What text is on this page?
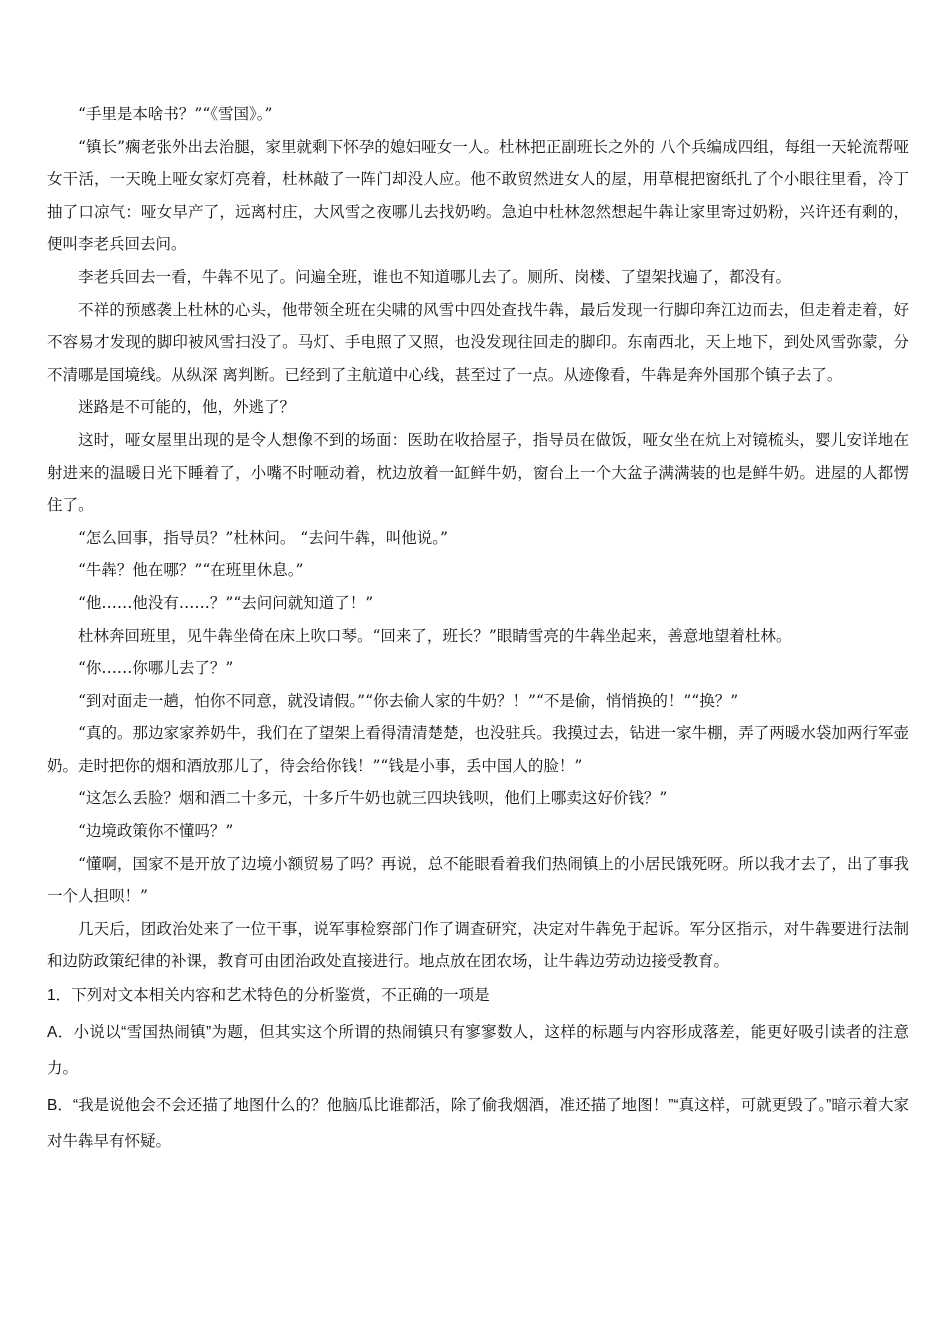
“手里是本啥书？”“《雪国》。”

“镇长”瘸老张外出去治腿，家里就剩下怀孕的媳妇哑女一人。杜林把正副班长之外的 八个兵编成四组，每组一天轮流帮哑女干活，一天晚上哑女家灯亮着，杜林敲了一阵门却没人应。他不敢贸然进女人的屋，用草棍把窗纸扎了个小眼往里看，冷丁抽了口凉气：哑女早产了，远离村庄，大风雪之夜哪儿去找奶哟。急迫中杜林忽然想起牛犇让家里寄过奶粉，兴许还有剩的，便叫李老兵回去问。

李老兵回去一看，牛犇不见了。问遍全班，谁也不知道哪儿去了。厕所、岗楼、了望架找遍了，都没有。

不祥的预感袭上杜林的心头，他带领全班在尖啸的风雪中四处查找牛犇，最后发现一行脚印奔江边而去，但走着走着，好不容易才发现的脚印被风雪扫没了。马灯、手电照了又照，也没发现往回走的脚印。东南西北，天上地下，到处风雪弥蒙，分不清哪是国境线。从纵深 离判断。已经到了主航道中心线，甚至过了一点。从迹像看，牛犇是奔外国那个镇子去了。

迷路是不可能的，他，外逃了？

这时，哑女屋里出现的是令人想像不到的场面：医助在收拾屋子，指导员在做饭，哑女坐在炕上对镜梳头，婴儿安详地在射进来的温暖日光下睡着了，小嘴不时咂动着，枕边放着一缸鲜牛奶，窗台上一个大盆子满满装的也是鲜牛奶。进屋的人都愣住了。

“怎么回事，指导员？”杜林问。 “去问牛犇，叫他说。”

“牛犇？他在哪？”“在班里休息。”

“他……他没有……？”“去问问就知道了！”

杜林奔回班里，见牛犇坐倚在床上吹口琴。“回来了，班长？”眼睛雪亮的牛犇坐起来，善意地望着杜林。

“你……你哪儿去了？”

“到对面走一趟，怕你不同意，就没请假。”“你去偷人家的牛奶？！”“不是偷，悄悄换的！”“换？”

“真的。那边家家养奶牛，我们在了望架上看得清清楚楚，也没驻兵。我摸过去，钻进一家牛棚，弄了两暖水袋加两行军壶奶。走时把你的烟和酒放那儿了，待会给你钱！”“钱是小事，丢中国人的脸！”

“这怎么丢脸？烟和酒二十多元，十多斤牛奶也就三四块钱呗，他们上哪卖这好价钱？”

“边境政策你不懂吗？”

“懂啊，国家不是开放了边境小额贸易了吗？再说，总不能眼看着我们热闹镇上的小居民饿死呀。所以我才去了，出了事我一个人担呗！”

几天后，团政治处来了一位干事，说军事检察部门作了调查研究，决定对牛犇免于起诉。军分区指示，对牛犇要进行法制和边防政策纪律的补课，教育可由团治政处直接进行。地点放在团农场，让牛犇边劳动边接受教育。

1．下列对文本相关内容和艺术特色的分析鉴赏，不正确的一项是

A．小说以“雪国热闹镇”为题，但其实这个所谓的热闹镇只有寥寥数人，这样的标题与内容形成落差，能更好吸引读者的注意力。

B．“我是说他会不会还描了地图什么的？他脑瓜比谁都活，除了偷我烟酒，准还描了地图！”“真这样，可就更毁了。”暗示着大家对牛犇早有怀疑。
